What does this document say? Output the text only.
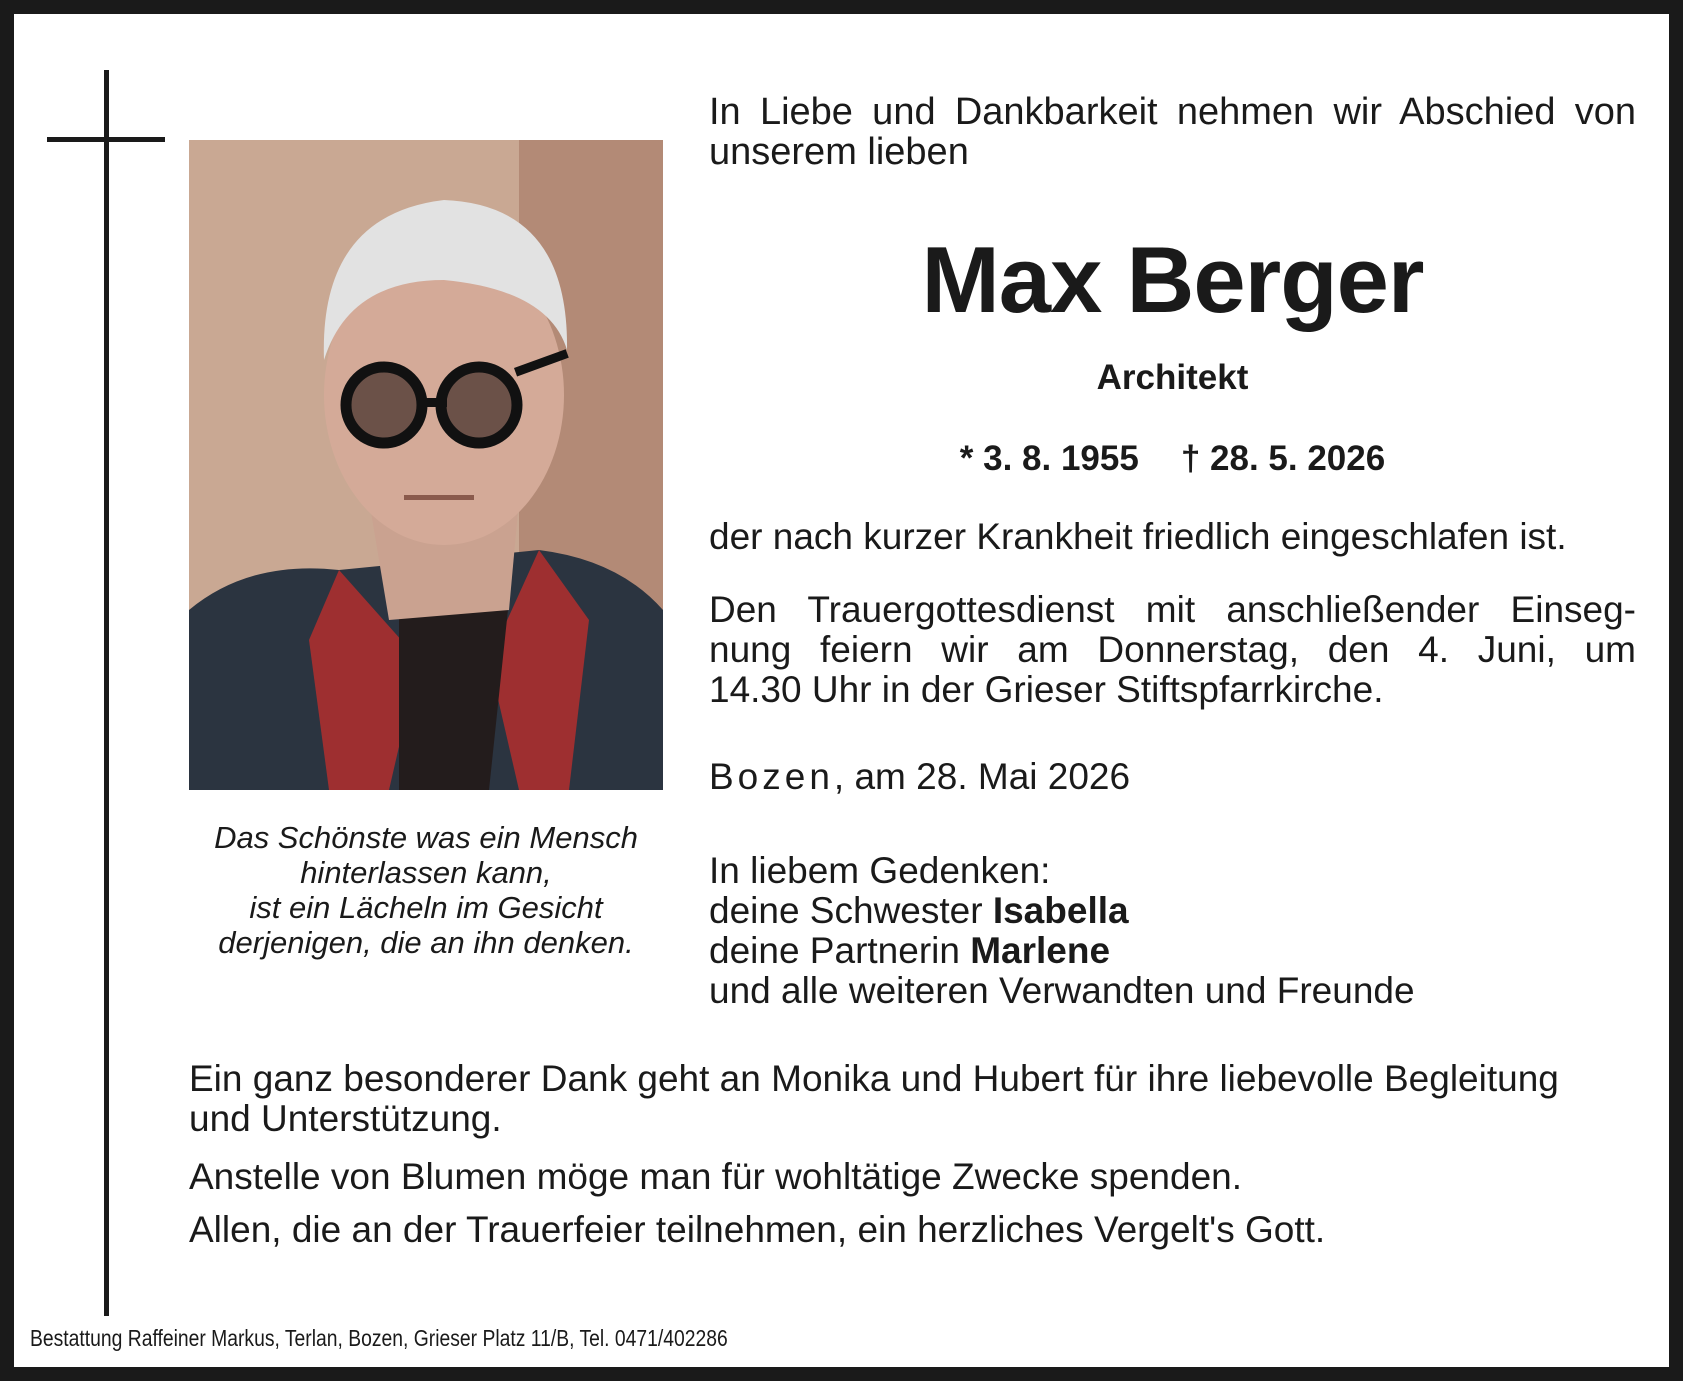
Das Schönste was ein Mensch
hinterlassen kann,
ist ein Lächeln im Gesicht
derjenigen, die an ihn denken.
In Liebe und Dankbarkeit nehmen wir Abschied von
unserem lieben
Max Berger
Architekt
* 3. 8. 1955 † 28. 5. 2026
der nach kurzer Krankheit friedlich eingeschlafen ist.
Den Trauergottesdienst mit anschließender Einseg-
nung feiern wir am Donnerstag, den 4. Juni, um
14.30 Uhr in der Grieser Stiftspfarrkirche.
Bozen, am 28. Mai 2026
In liebem Gedenken:
deine Schwester Isabella
deine Partnerin Marlene
und alle weiteren Verwandten und Freunde

Ein ganz besonderer Dank geht an Monika und Hubert für ihre liebevolle Begleitung
und Unterstützung.

Anstelle von Blumen möge man für wohltätige Zwecke spenden.

Allen, die an der Trauerfeier teilnehmen, ein herzliches Vergelt's Gott.

Bestattung Raffeiner Markus, Terlan, Bozen, Grieser Platz 11/B, Tel. 0471/402286
